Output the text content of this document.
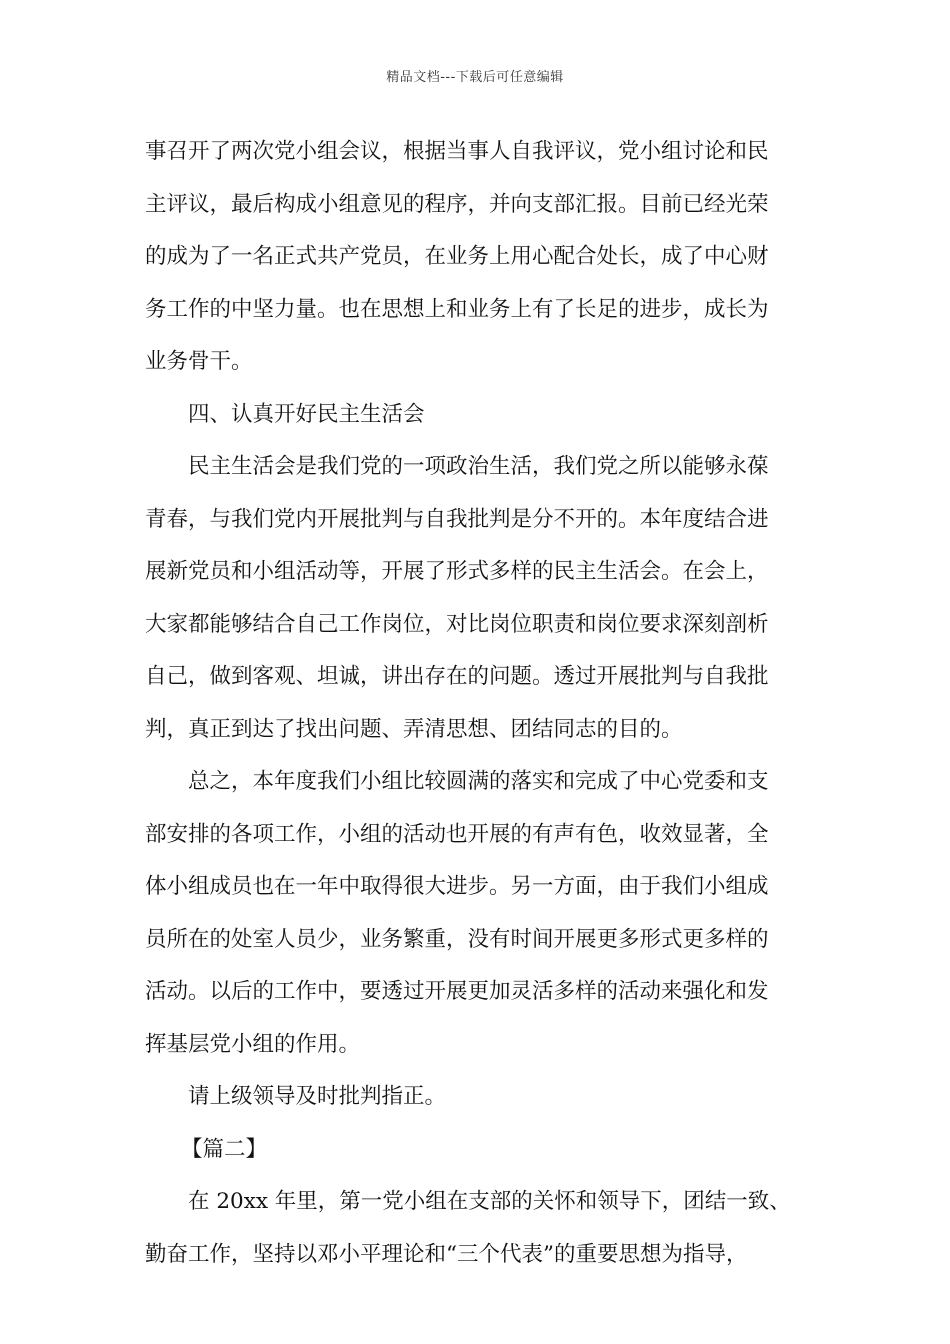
精品文档---下载后可任意编辑
事召开了两次党小组会议，根据当事人自我评议，党小组讨论和民
主评议，最后构成小组意见的程序，并向支部汇报。目前已经光荣
的成为了一名正式共产党员，在业务上用心配合处长，成了中心财
务工作的中坚力量。也在思想上和业务上有了长足的进步，成长为
业务骨干。
四、认真开好民主生活会
民主生活会是我们党的一项政治生活，我们党之所以能够永葆
青春，与我们党内开展批判与自我批判是分不开的。本年度结合进
展新党员和小组活动等，开展了形式多样的民主生活会。在会上，
大家都能够结合自己工作岗位，对比岗位职责和岗位要求深刻剖析
自己，做到客观、坦诚，讲出存在的问题。透过开展批判与自我批
判，真正到达了找出问题、弄清思想、团结同志的目的。
总之，本年度我们小组比较圆满的落实和完成了中心党委和支
部安排的各项工作，小组的活动也开展的有声有色，收效显著，全
体小组成员也在一年中取得很大进步。另一方面，由于我们小组成
员所在的处室人员少，业务繁重，没有时间开展更多形式更多样的
活动。以后的工作中，要透过开展更加灵活多样的活动来强化和发
挥基层党小组的作用。
请上级领导及时批判指正。
【篇二】
在 20xx 年里，第一党小组在支部的关怀和领导下，团结一致、
勤奋工作，坚持以邓小平理论和“三个代表”的重要思想为指导，
